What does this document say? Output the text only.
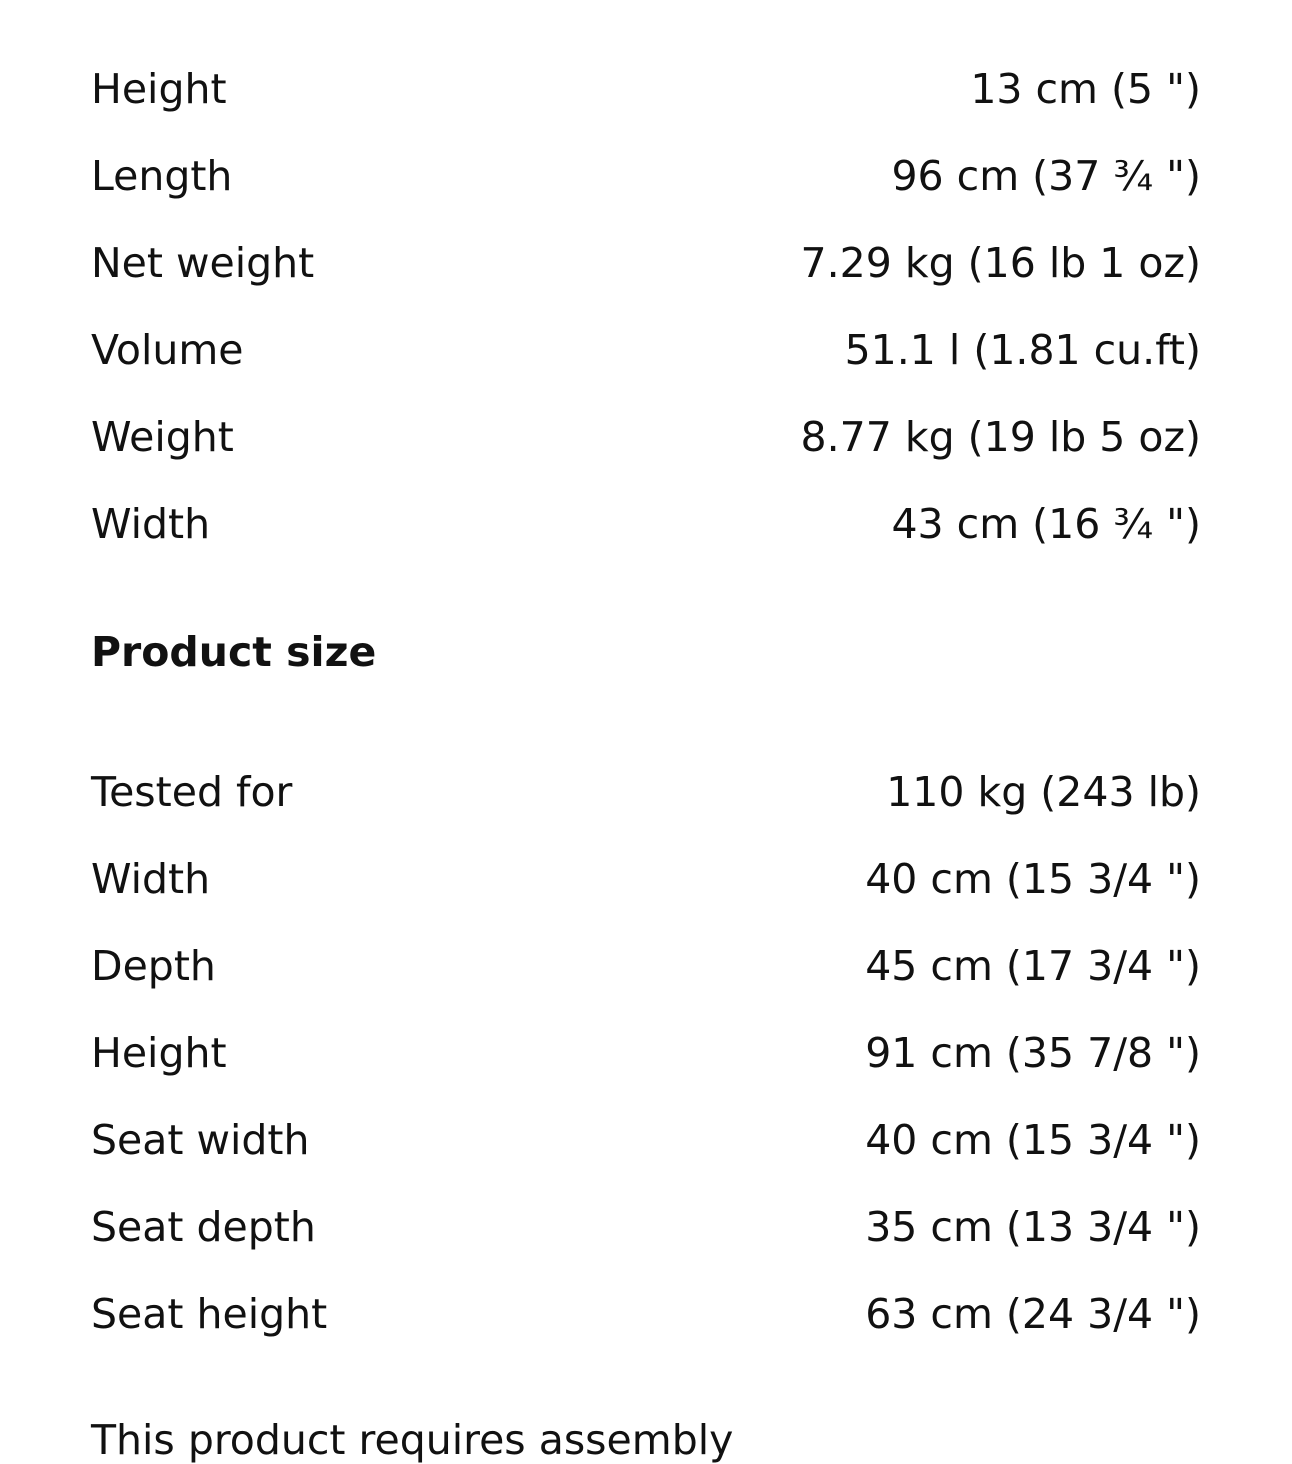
Height	13 cm (5 ")
Length	96 cm (37 ¾ ")
Net weight	7.29 kg (16 lb 1 oz)
Volume	51.1 l (1.81 cu.ft)
Weight	8.77 kg (19 lb 5 oz)
Width	43 cm (16 ¾ ")
Product size
Tested for	110 kg (243 lb)
Width	40 cm (15 3/4 ")
Depth	45 cm (17 3/4 ")
Height	91 cm (35 7/8 ")
Seat width	40 cm (15 3/4 ")
Seat depth	35 cm (13 3/4 ")
Seat height	63 cm (24 3/4 ")
This product requires assembly
